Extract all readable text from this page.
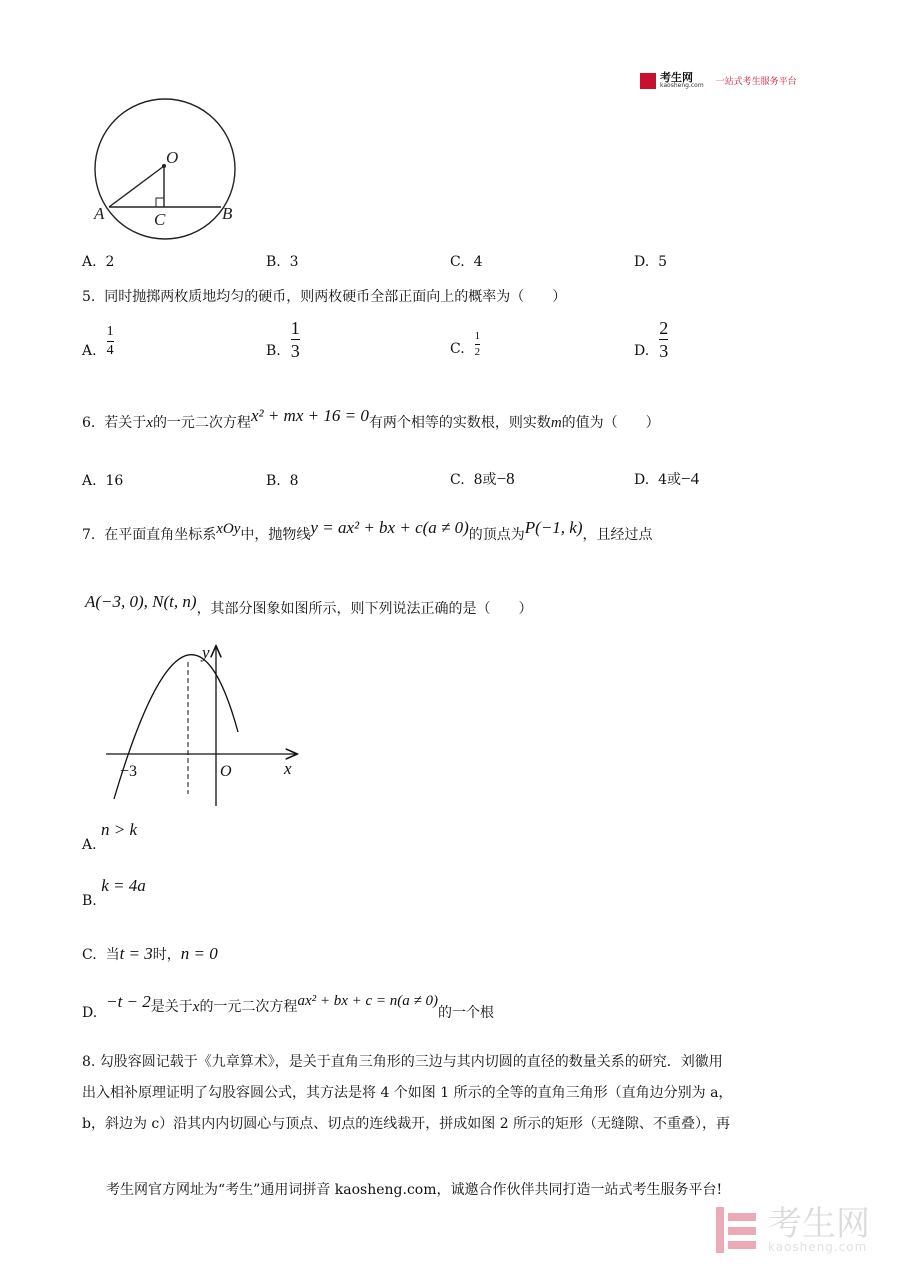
考生网
kaosheng.com 一站式考生服务平台
O
A	B
C
A. 2	B. 3	C. 4	D. 5
5. 同时抛掷两枚质地均匀的硬币，则两枚硬币全部正面向上的概率为（　　）
A. $\frac{1}{4}$	B. $\frac{1}{3}$	C. $\frac{1}{2}$	D. $\frac{2}{3}$
6. 若关于x的一元二次方程x² + mx + 16 = 0有两个相等的实数根，则实数m的值为（　　）
A. 16	B. 8	C. 8或−8	D. 4或−4
7. 在平面直角坐标系xOy中，抛物线y = ax² + bx + c(a ≠ 0)的顶点为P(−1, k)，且经过点
A(−3, 0), N(t, n)，其部分图象如图所示，则下列说法正确的是（　　）
y
x
−3	O
A. n > k
B. k = 4a
C. 当t = 3时，n = 0
D.  −t − 2是关于x的一元二次方程ax² + bx + c = n(a ≠ 0)的一个根
8. 勾股容圆记载于《九章算术》，是关于直角三角形的三边与其内切圆的直径的数量关系的研究．刘徽用
出入相补原理证明了勾股容圆公式，其方法是将 4 个如图 1 所示的全等的直角三角形（直角边分别为 a，
b，斜边为 c）沿其内内切圆心与顶点、切点的连线裁开，拼成如图 2 所示的矩形（无缝隙、不重叠），再
考生网官方网址为“考生”通用词拼音 kaosheng.com，诚邀合作伙伴共同打造一站式考生服务平台!
考生网
kaosheng.com
